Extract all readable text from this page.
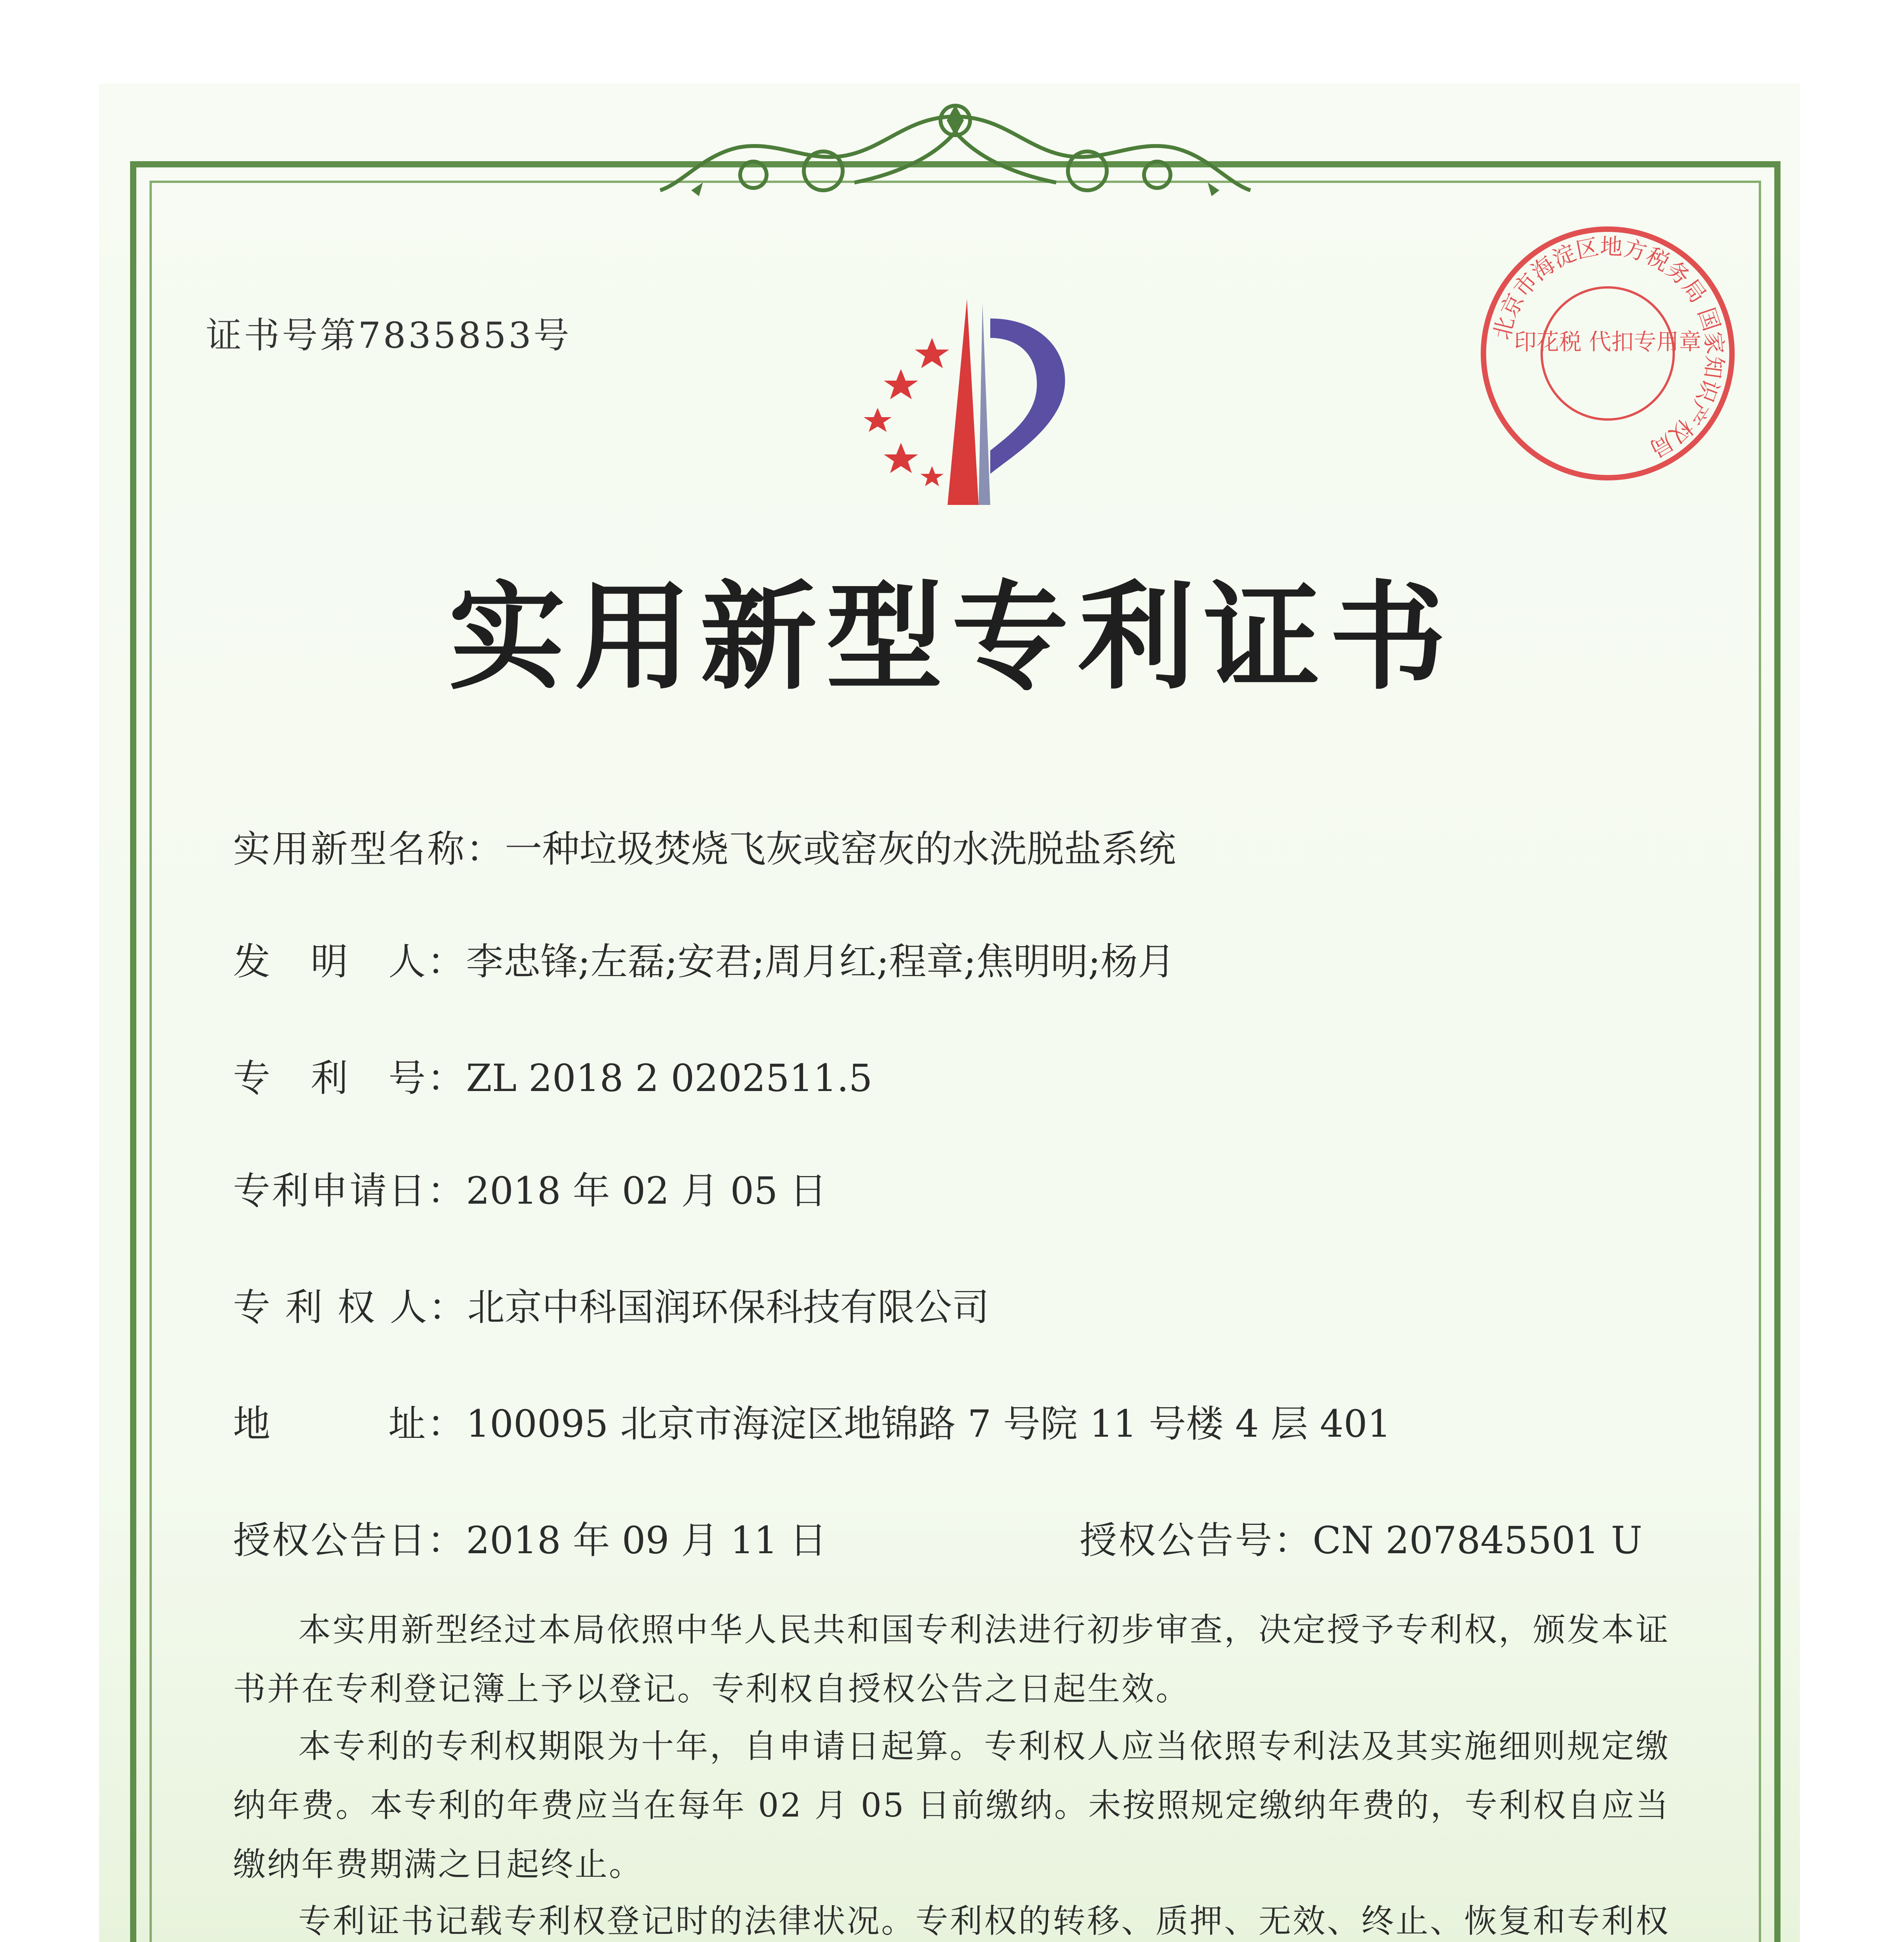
证书号第7835853号	北京市海淀区地方税务局 国家知识产权局
印花税 代扣专用章
实用新型专利证书
实用新型名称：一种垃圾焚烧飞灰或窑灰的水洗脱盐系统
发　明　人：李忠锋;左磊;安君;周月红;程章;焦明明;杨月
专　利　号：ZL 2018 2 0202511.5
专利申请日：2018 年 02 月 05 日
专 利 权 人：北京中科国润环保科技有限公司
地　　　址：100095 北京市海淀区地锦路 7 号院 11 号楼 4 层 401
授权公告日：2018 年 09 月 11 日	授权公告号：CN 207845501 U
本实用新型经过本局依照中华人民共和国专利法进行初步审查，决定授予专利权，颁发本证书并在专利登记簿上予以登记。专利权自授权公告之日起生效。
本专利的专利权期限为十年，自申请日起算。专利权人应当依照专利法及其实施细则规定缴纳年费。本专利的年费应当在每年 02 月 05 日前缴纳。未按照规定缴纳年费的，专利权自应当缴纳年费期满之日起终止。
专利证书记载专利权登记时的法律状况。专利权的转移、质押、无效、终止、恢复和专利权
